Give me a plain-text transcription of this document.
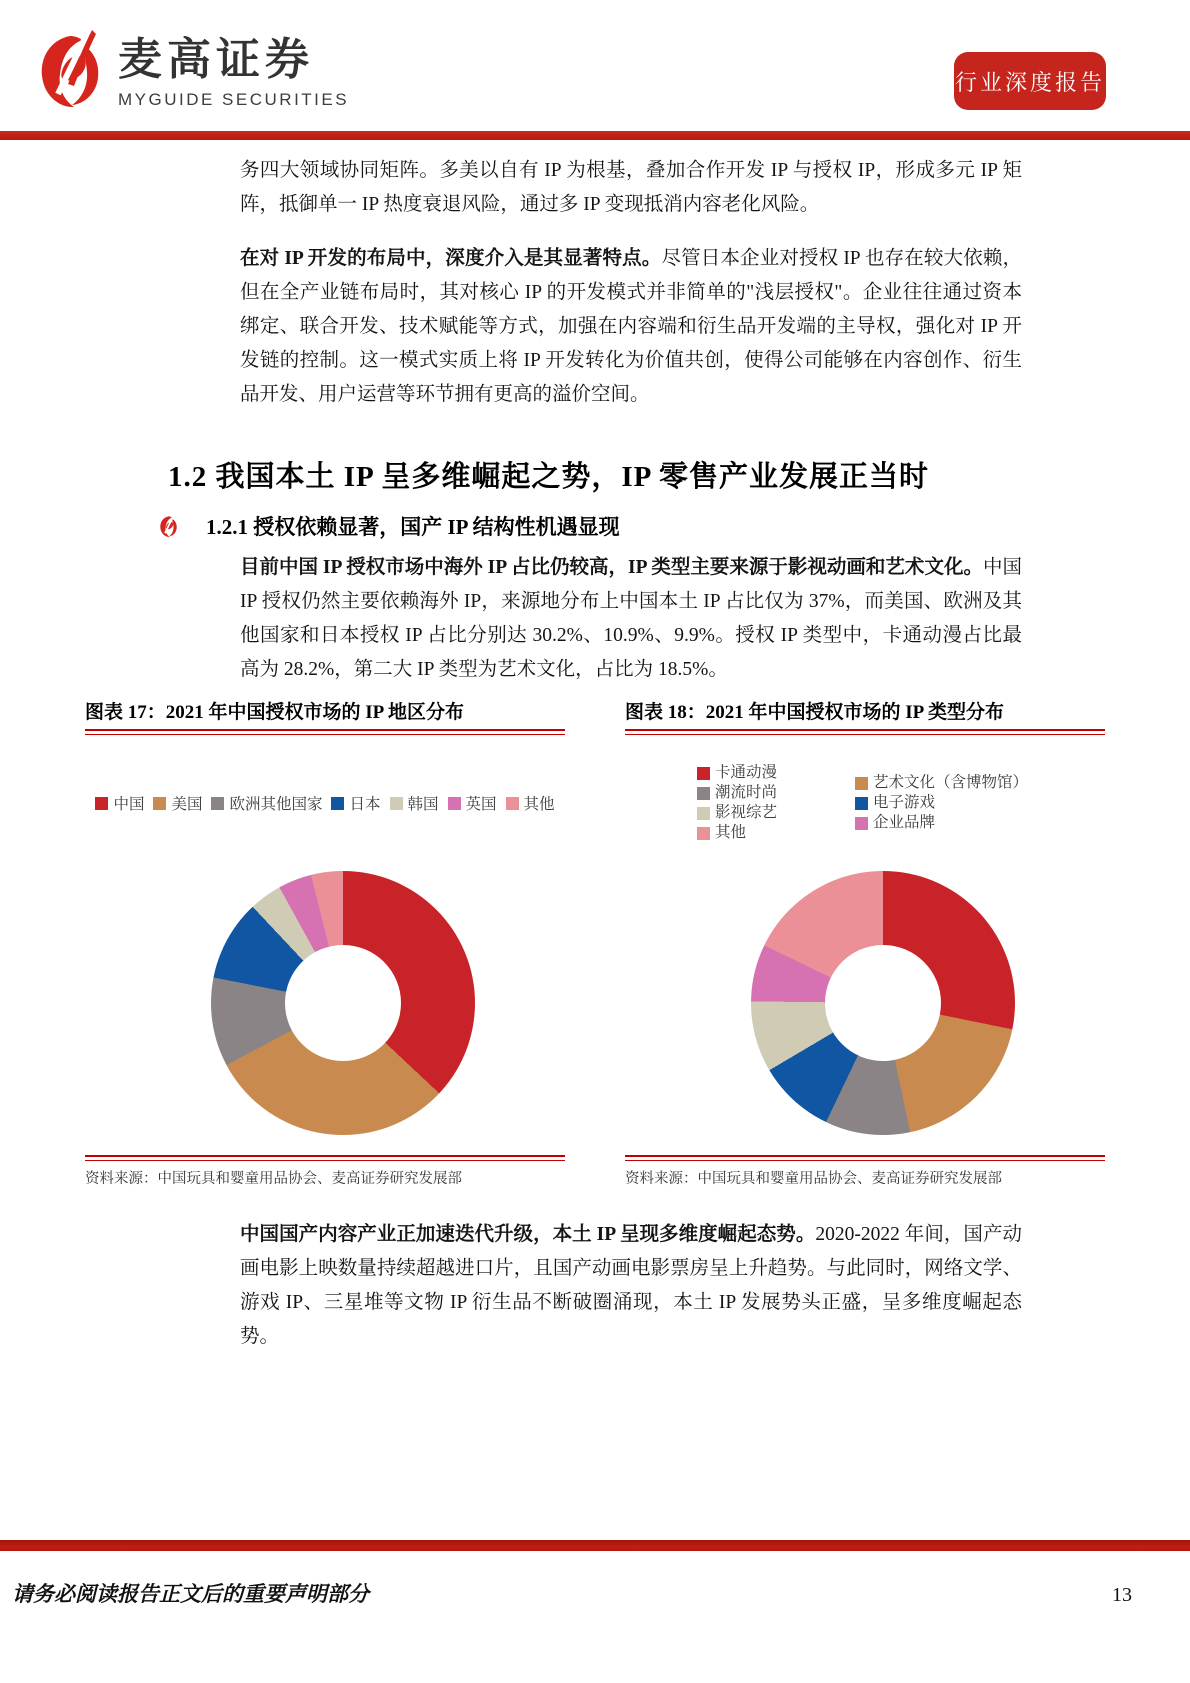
麦高证券
MYGUIDE SECURITIES
行业深度报告

务四大领域协同矩阵。多美以自有 IP 为根基，叠加合作开发 IP 与授权 IP，形成多元 IP 矩阵，抵御单一 IP 热度衰退风险，通过多 IP 变现抵消内容老化风险。

在对 IP 开发的布局中，深度介入是其显著特点。尽管日本企业对授权 IP 也存在较大依赖，但在全产业链布局时，其对核心 IP 的开发模式并非简单的"浅层授权"。企业往往通过资本绑定、联合开发、技术赋能等方式，加强在内容端和衍生品开发端的主导权，强化对 IP 开发链的控制。这一模式实质上将 IP 开发转化为价值共创，使得公司能够在内容创作、衍生品开发、用户运营等环节拥有更高的溢价空间。

1.2 我国本土 IP 呈多维崛起之势，IP 零售产业发展正当时
1.2.1 授权依赖显著，国产 IP 结构性机遇显现

目前中国 IP 授权市场中海外 IP 占比仍较高，IP 类型主要来源于影视动画和艺术文化。中国 IP 授权仍然主要依赖海外 IP，来源地分布上中国本土 IP 占比仅为 37%，而美国、欧洲及其他国家和日本授权 IP 占比分别达 30.2%、10.9%、9.9%。授权 IP 类型中，卡通动漫占比最高为 28.2%，第二大 IP 类型为艺术文化，占比为 18.5%。

图表 17：2021 年中国授权市场的 IP 地区分布
中国 美国 欧洲其他国家 日本 韩国 英国 其他
资料来源：中国玩具和婴童用品协会、麦高证券研究发展部
图表 18：2021 年中国授权市场的 IP 类型分布
卡通动漫
潮流时尚
影视综艺
其他
艺术文化（含博物馆）
电子游戏
企业品牌
资料来源：中国玩具和婴童用品协会、麦高证券研究发展部

中国国产内容产业正加速迭代升级，本土 IP 呈现多维度崛起态势。2020-2022 年间，国产动画电影上映数量持续超越进口片，且国产动画电影票房呈上升趋势。与此同时，网络文学、游戏 IP、三星堆等文物 IP 衍生品不断破圈涌现，本土 IP 发展势头正盛，呈多维度崛起态势。

请务必阅读报告正文后的重要声明部分	13
